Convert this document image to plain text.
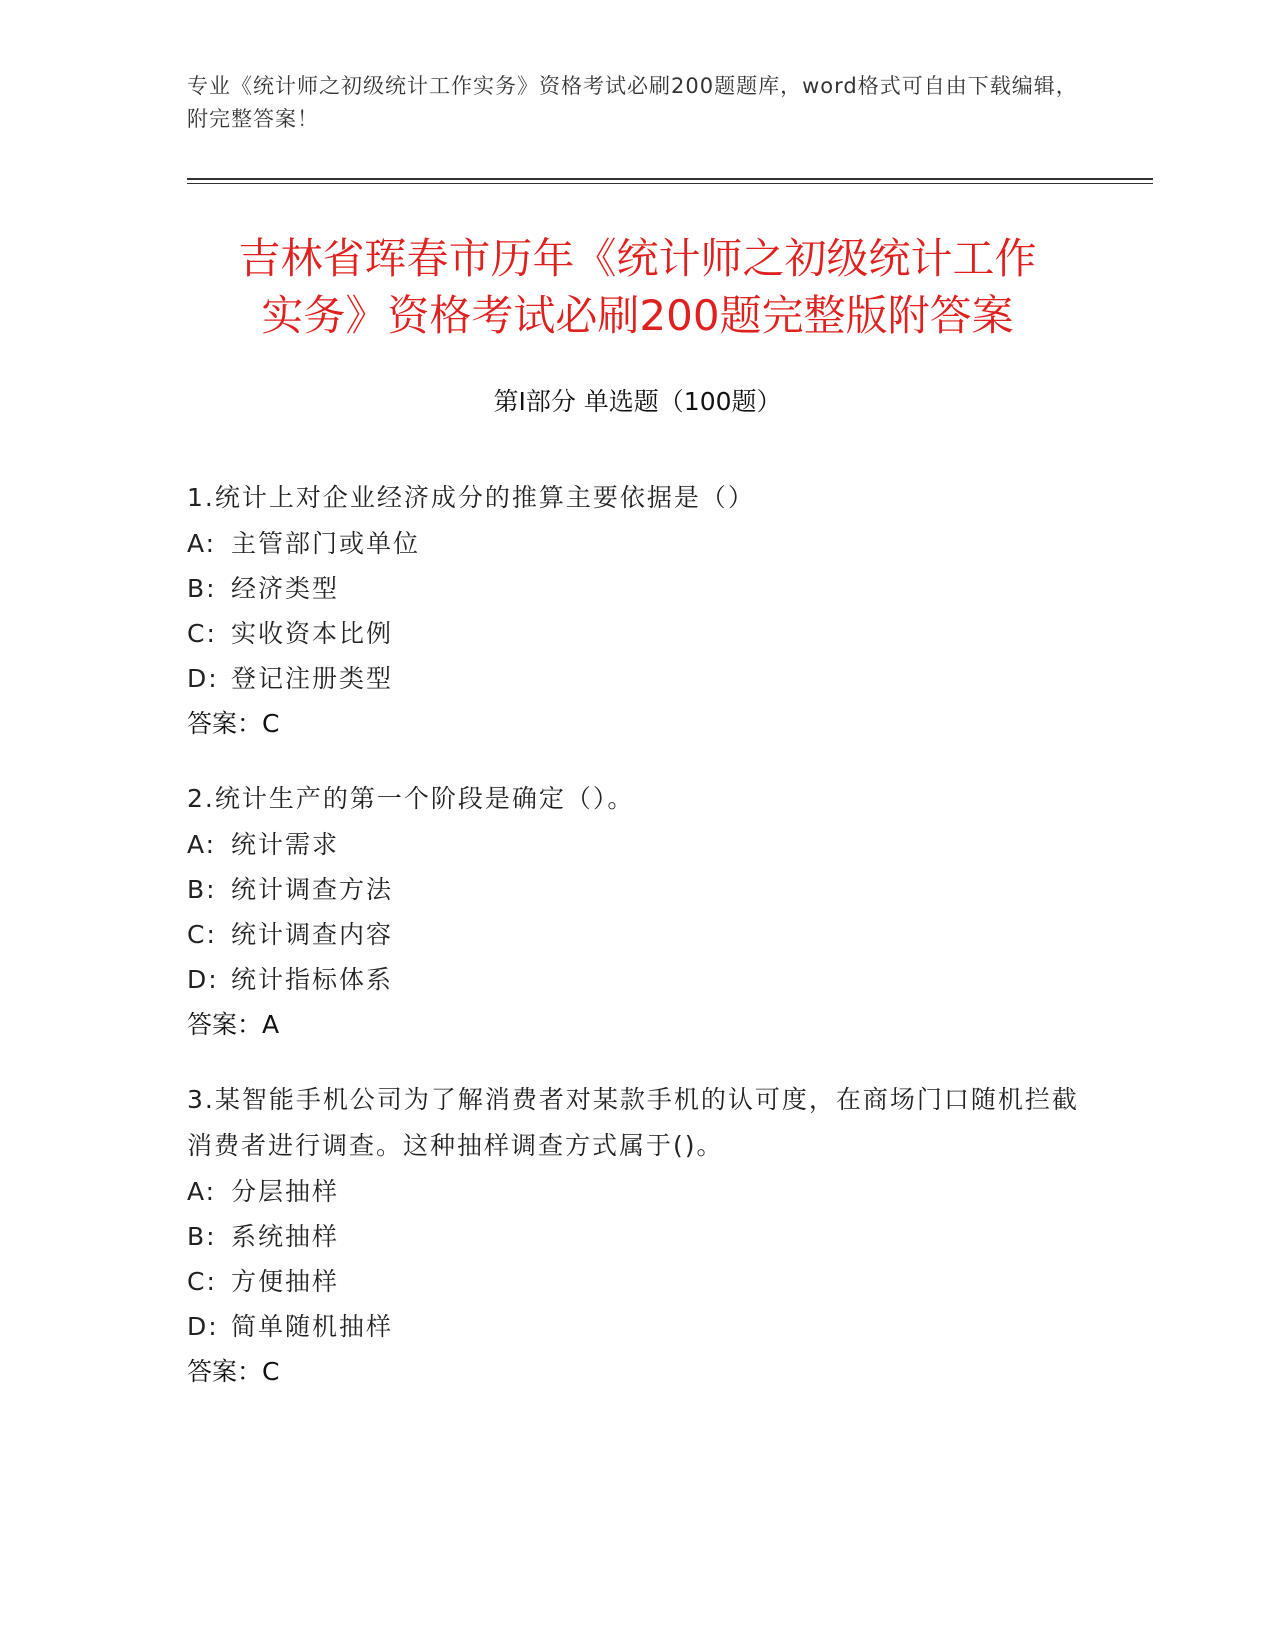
专业《统计师之初级统计工作实务》资格考试必刷200题题库，word格式可自由下载编辑，附完整答案！
吉林省珲春市历年《统计师之初级统计工作
实务》资格考试必刷200题完整版附答案
第Ⅰ部分 单选题（100题）
1.统计上对企业经济成分的推算主要依据是（）
A: 主管部门或单位
B: 经济类型
C: 实收资本比例
D: 登记注册类型
答案：C
2.统计生产的第一个阶段是确定（）。
A: 统计需求
B: 统计调查方法
C: 统计调查内容
D: 统计指标体系
答案：A
3.某智能手机公司为了解消费者对某款手机的认可度，在商场门口随机拦截消费者进行调查。这种抽样调查方式属于()。
A: 分层抽样
B: 系统抽样
C: 方便抽样
D: 简单随机抽样
答案：C
